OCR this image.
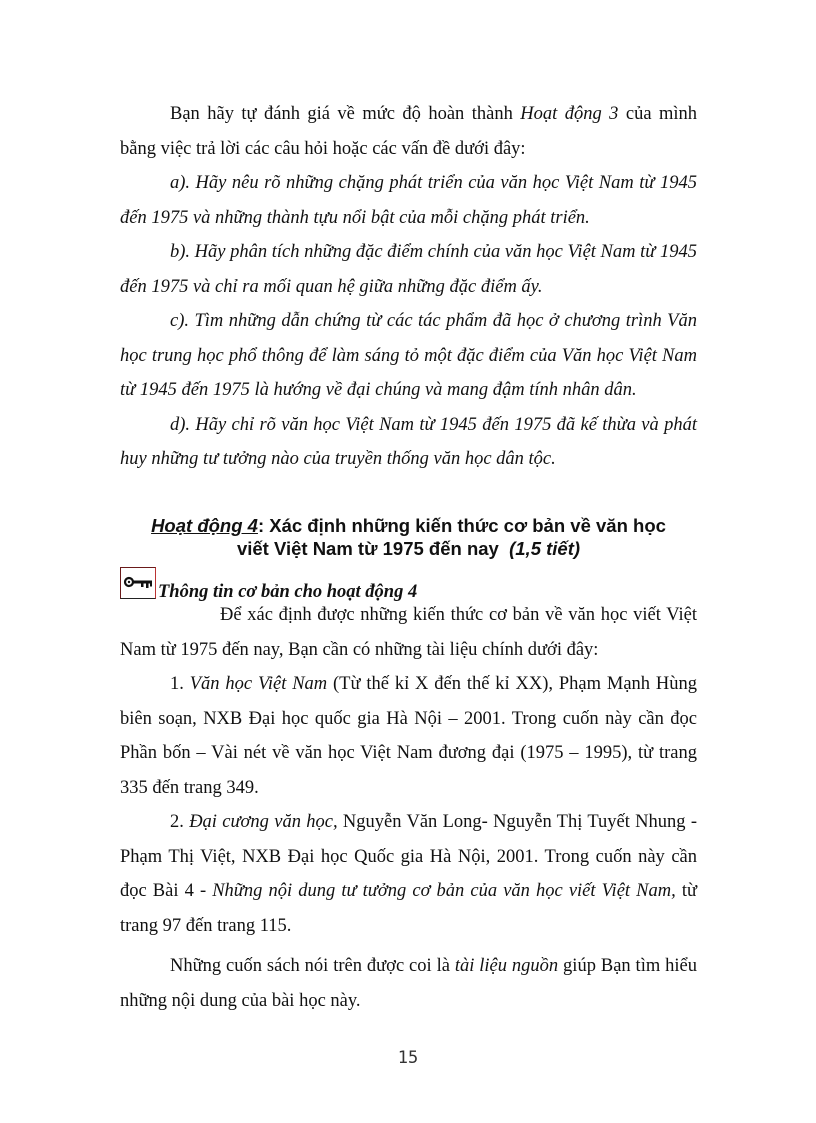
Bạn hãy tự đánh giá về mức độ hoàn thành Hoạt động 3 của mình bằng việc trả lời các câu hỏi hoặc các vấn đề dưới đây:

a). Hãy nêu rõ những chặng phát triển của văn học Việt Nam từ 1945 đến 1975 và những thành tựu nổi bật của mỗi chặng phát triển.

b). Hãy phân tích những đặc điểm chính của văn học Việt Nam từ 1945 đến 1975 và chỉ ra mối quan hệ giữa những đặc điểm ấy.

c). Tìm những dẫn chứng từ các tác phẩm đã học ở chương trình Văn học trung học phổ thông để làm sáng tỏ một đặc điểm của Văn học Việt Nam từ 1945 đến 1975 là hướng về đại chúng và mang đậm tính nhân dân.

d). Hãy chỉ rõ văn học Việt Nam từ 1945 đến 1975 đã kế thừa và phát huy những tư tưởng nào của truyền thống văn học dân tộc.

Hoạt động 4: Xác định những kiến thức cơ bản về văn học
viết Việt Nam từ 1975 đến nay (1,5 tiết)
Thông tin cơ bản cho hoạt động 4

Để xác định được những kiến thức cơ bản về văn học viết Việt Nam từ 1975 đến nay, Bạn cần có những tài liệu chính dưới đây:

1. Văn học Việt Nam (Từ thế kỉ X đến thế kỉ XX), Phạm Mạnh Hùng biên soạn, NXB Đại học quốc gia Hà Nội – 2001. Trong cuốn này cần đọc Phần bốn – Vài nét về văn học Việt Nam đương đại (1975 – 1995), từ trang 335 đến trang 349.

2. Đại cương văn học, Nguyễn Văn Long- Nguyễn Thị Tuyết Nhung -Phạm Thị Việt, NXB Đại học Quốc gia Hà Nội, 2001. Trong cuốn này cần đọc Bài 4 - Những nội dung tư tưởng cơ bản của văn học viết Việt Nam, từ trang 97 đến trang 115.

Những cuốn sách nói trên được coi là tài liệu nguồn giúp Bạn tìm hiểu những nội dung của bài học này.

15
